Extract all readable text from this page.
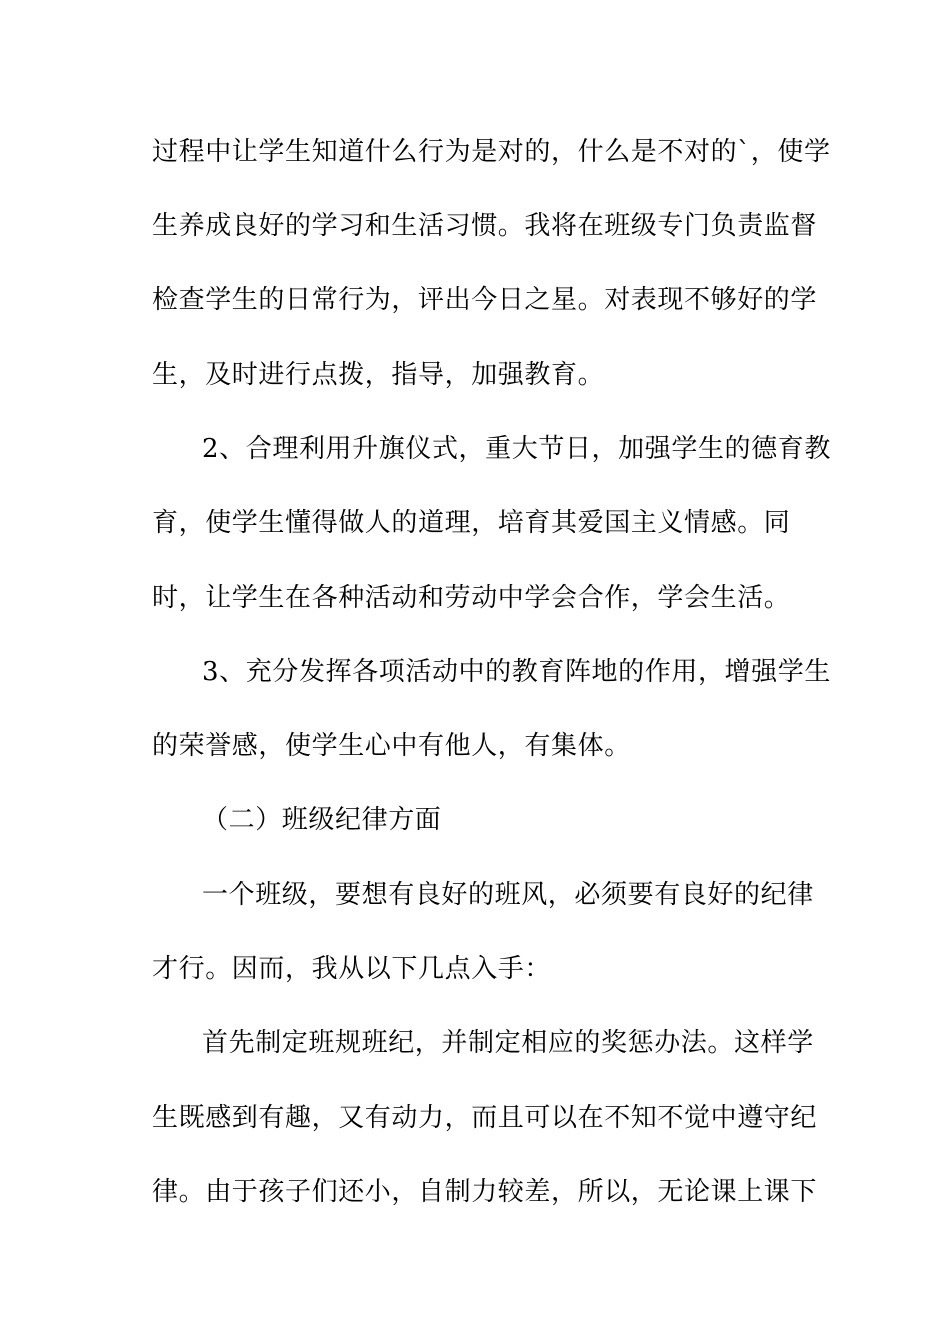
过程中让学生知道什么行为是对的，什么是不对的`，使学
生养成良好的学习和生活习惯。我将在班级专门负责监督
检查学生的日常行为，评出今日之星。对表现不够好的学
生，及时进行点拨，指导，加强教育。
2、合理利用升旗仪式，重大节日，加强学生的德育教
育，使学生懂得做人的道理，培育其爱国主义情感。同
时，让学生在各种活动和劳动中学会合作，学会生活。
3、充分发挥各项活动中的教育阵地的作用，增强学生
的荣誉感，使学生心中有他人，有集体。
（二）班级纪律方面
一个班级，要想有良好的班风，必须要有良好的纪律
才行。因而，我从以下几点入手：
首先制定班规班纪，并制定相应的奖惩办法。这样学
生既感到有趣，又有动力，而且可以在不知不觉中遵守纪
律。由于孩子们还小，自制力较差，所以，无论课上课下
